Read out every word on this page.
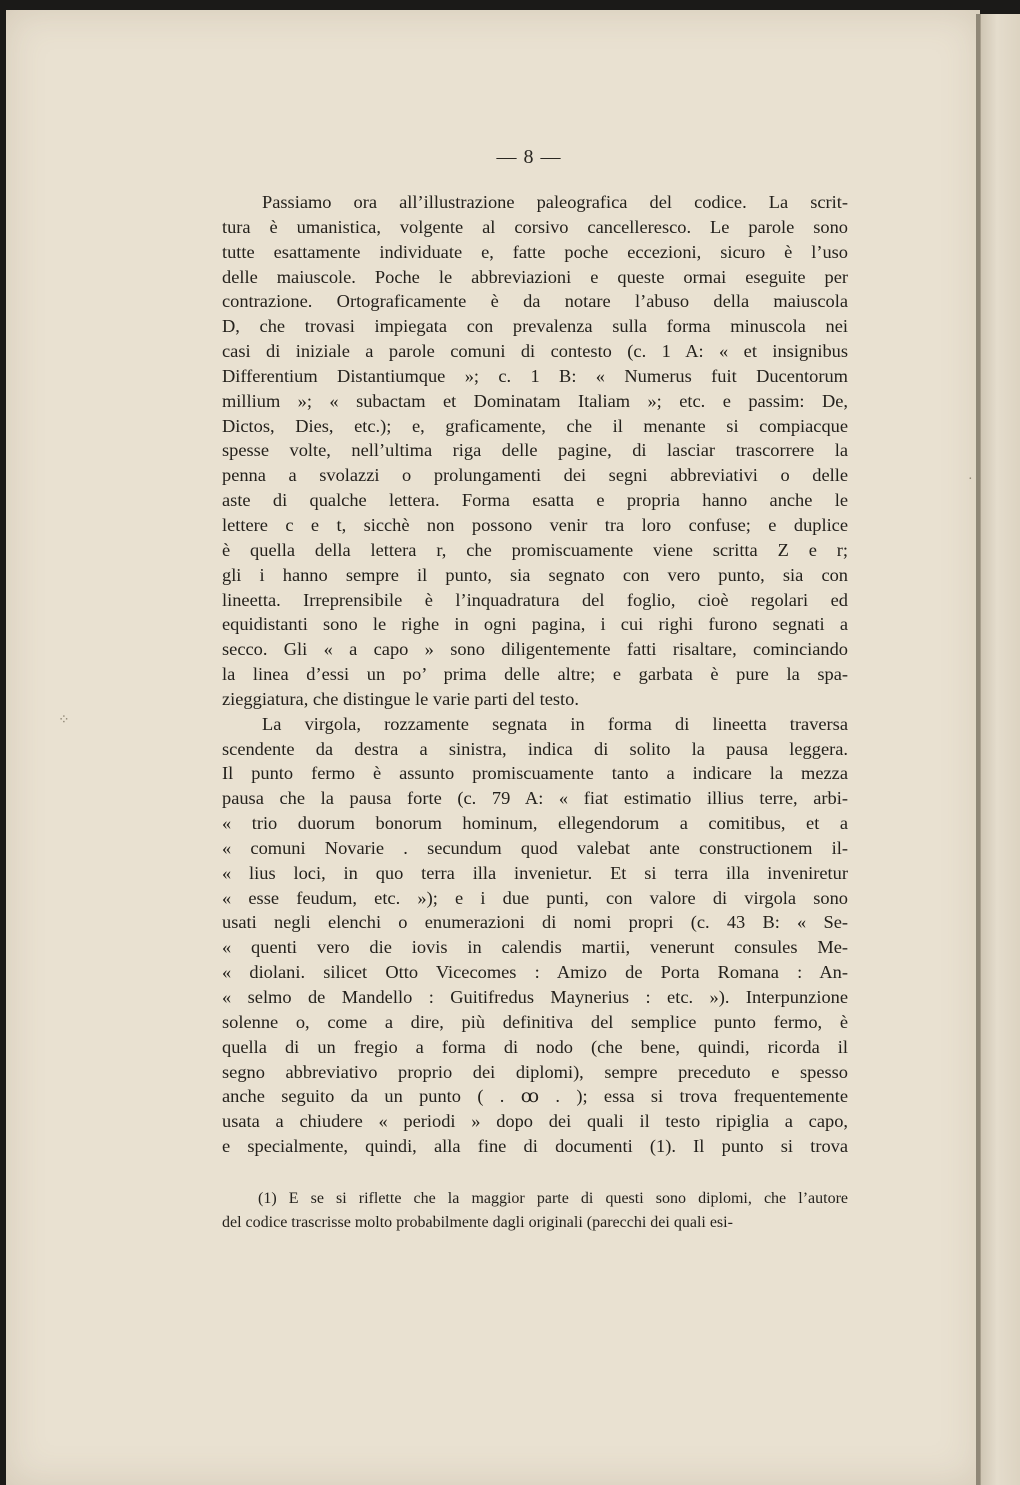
— 8 —
Passiamo ora all’illustrazione paleografica del codice. La scrit-
tura è umanistica, volgente al corsivo cancelleresco. Le parole sono
tutte esattamente individuate e, fatte poche eccezioni, sicuro è l’uso
delle maiuscole. Poche le abbreviazioni e queste ormai eseguite per
contrazione. Ortograficamente è da notare l’abuso della maiuscola
D, che trovasi impiegata con prevalenza sulla forma minuscola nei
casi di iniziale a parole comuni di contesto (c. 1 A: « et insignibus
Differentium Distantiumque »; c. 1 B: « Numerus fuit Ducentorum
millium »; « subactam et Dominatam Italiam »; etc. e passim: De,
Dictos, Dies, etc.); e, graficamente, che il menante si compiacque
spesse volte, nell’ultima riga delle pagine, di lasciar trascorrere la
penna a svolazzi o prolungamenti dei segni abbreviativi o delle
aste di qualche lettera. Forma esatta e propria hanno anche le
lettere c e t, sicchè non possono venir tra loro confuse; e duplice
è quella della lettera r, che promiscuamente viene scritta Z e r;
gli i hanno sempre il punto, sia segnato con vero punto, sia con
lineetta. Irreprensibile è l’inquadratura del foglio, cioè regolari ed
equidistanti sono le righe in ogni pagina, i cui righi furono segnati a
secco. Gli « a capo » sono diligentemente fatti risaltare, cominciando
la linea d’essi un po’ prima delle altre; e garbata è pure la spa-
zieggiatura, che distingue le varie parti del testo.
La virgola, rozzamente segnata in forma di lineetta traversa
scendente da destra a sinistra, indica di solito la pausa leggera.
Il punto fermo è assunto promiscuamente tanto a indicare la mezza
pausa che la pausa forte (c. 79 A: « fiat estimatio illius terre, arbi-
« trio duorum bonorum hominum, ellegendorum a comitibus, et a
« comuni Novarie . secundum quod valebat ante constructionem il-
« lius loci, in quo terra illa invenietur. Et si terra illa inveniretur
« esse feudum, etc. »); e i due punti, con valore di virgola sono
usati negli elenchi o enumerazioni di nomi propri (c. 43 B: « Se-
« quenti vero die iovis in calendis martii, venerunt consules Me-
« diolani. silicet Otto Vicecomes : Amizo de Porta Romana : An-
« selmo de Mandello : Guitifredus Maynerius : etc. »). Interpunzione
solenne o, come a dire, più definitiva del semplice punto fermo, è
quella di un fregio a forma di nodo (che bene, quindi, ricorda il
segno abbreviativo proprio dei diplomi), sempre preceduto e spesso
anche seguito da un punto ( . ꝏ . ); essa si trova frequentemente
usata a chiudere « periodi » dopo dei quali il testo ripiglia a capo,
e specialmente, quindi, alla fine di documenti (1). Il punto si trova
(1) E se si riflette che la maggior parte di questi sono diplomi, che l’autore
del codice trascrisse molto probabilmente dagli originali (parecchi dei quali esi-
⁘
·
